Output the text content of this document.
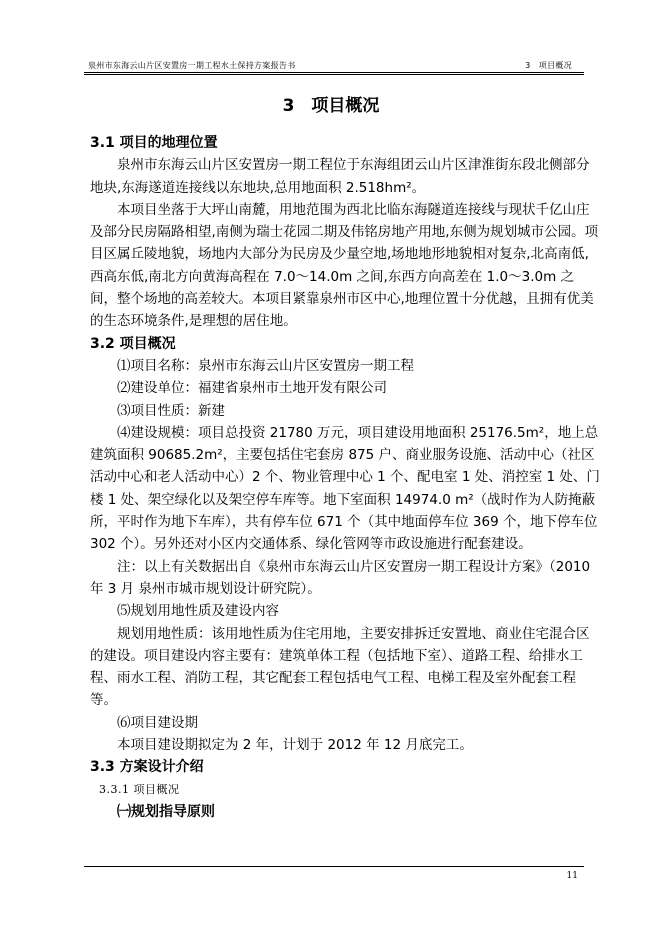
泉州市东海云山片区安置房一期工程水土保持方案报告书	3　项目概况
3　项目概况

3.1 项目的地理位置

泉州市东海云山片区安置房一期工程位于东海组团云山片区津淮街东段北侧部分地块,东海遂道连接线以东地块,总用地面积 2.518hm²。

本项目坐落于大坪山南麓，用地范围为西北比临东海隧道连接线与现状千亿山庄及部分民房隔路相望,南侧为瑞士花园二期及伟铭房地产用地,东侧为规划城市公园。项目区属丘陵地貌，场地内大部分为民房及少量空地,场地地形地貌相对复杂,北高南低,西高东低,南北方向黄海高程在 7.0～14.0m 之间,东西方向高差在 1.0～3.0m 之间，整个场地的高差较大。本项目紧靠泉州市区中心,地理位置十分优越，且拥有优美的生态环境条件,是理想的居住地。

3.2 项目概况

⑴项目名称：泉州市东海云山片区安置房一期工程

⑵建设单位：福建省泉州市土地开发有限公司

⑶项目性质：新建

⑷建设规模：项目总投资 21780 万元，项目建设用地面积 25176.5m²，地上总建筑面积 90685.2m²，主要包括住宅套房 875 户、商业服务设施、活动中心（社区活动中心和老人活动中心）2 个、物业管理中心 1 个、配电室 1 处、消控室 1 处、门楼 1 处、架空绿化以及架空停车库等。地下室面积 14974.0 m²（战时作为人防掩蔽所，平时作为地下车库），共有停车位 671 个（其中地面停车位 369 个，地下停车位 302 个）。另外还对小区内交通体系、绿化管网等市政设施进行配套建设。

注：以上有关数据出自《泉州市东海云山片区安置房一期工程设计方案》（2010 年 3 月 泉州市城市规划设计研究院）。

⑸规划用地性质及建设内容

规划用地性质：该用地性质为住宅用地，主要安排拆迁安置地、商业住宅混合区的建设。项目建设内容主要有：建筑单体工程（包括地下室）、道路工程、给排水工程、雨水工程、消防工程，其它配套工程包括电气工程、电梯工程及室外配套工程等。

⑹项目建设期

本项目建设期拟定为 2 年，计划于 2012 年 12 月底完工。

3.3 方案设计介绍

3.3.1 项目概况

㈠规划指导原则

11
